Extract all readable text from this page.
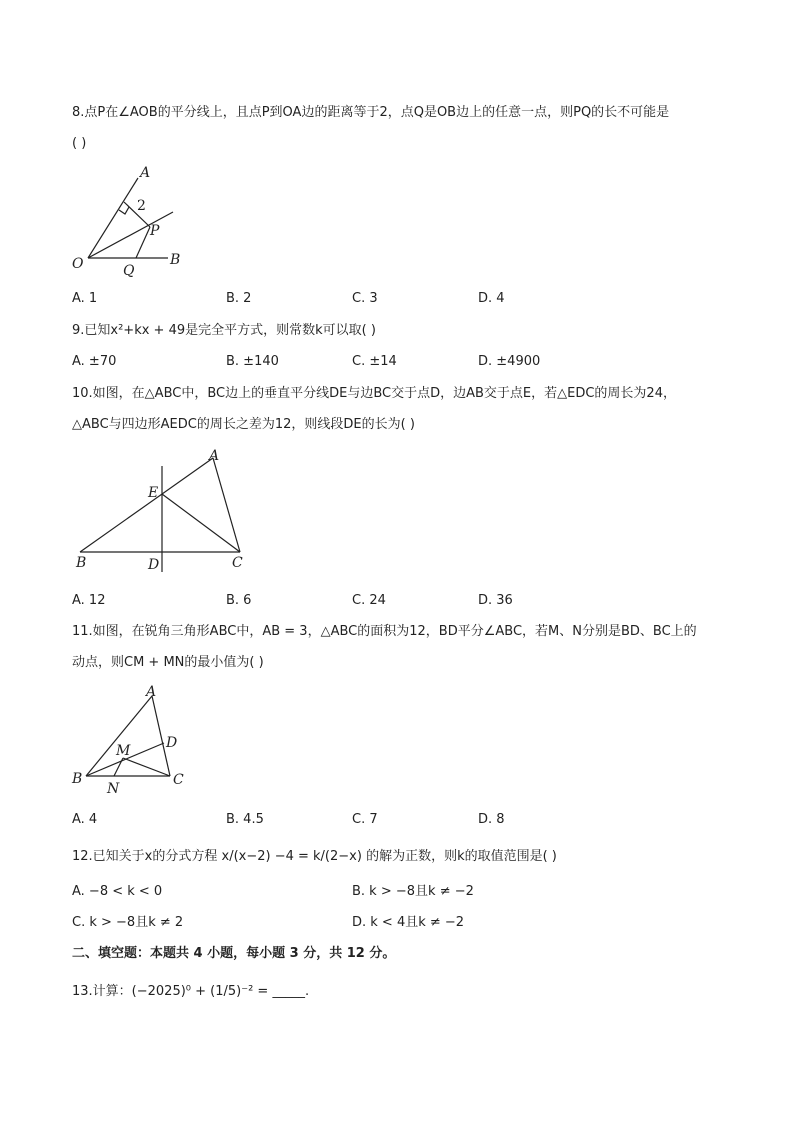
8.点P在∠AOB的平分线上，且点P到OA边的距离等于2，点Q是OB边上的任意一点，则PQ的长不可能是
( )
A
O	B
P
Q
2
A. 1	B. 2	C. 3	D. 4
9.已知x²+kx + 49是完全平方式，则常数k可以取( )
A. ±70	B. ±140	C. ±14	D. ±4900
10.如图，在△ABC中，BC边上的垂直平分线DE与边BC交于点D，边AB交于点E，若△EDC的周长为24，
△ABC与四边形AEDC的周长之差为12，则线段DE的长为( )
A
B	C
D
E
A. 12	B. 6	C. 24	D. 36
11.如图，在锐角三角形ABC中，AB = 3，△ABC的面积为12，BD平分∠ABC，若M、N分别是BD、BC上的
动点，则CM + MN的最小值为( )
A
B	C
D
M
N
A. 4	B. 4.5	C. 7	D. 8
12.已知关于x的分式方程 x/(x−2) −4 = k/(2−x) 的解为正数，则k的取值范围是( )
A. −8 < k < 0	B. k > −8且k ≠ −2
C. k > −8且k ≠ 2	D. k < 4且k ≠ −2
二、填空题：本题共 4 小题，每小题 3 分，共 12 分。
13.计算：(−2025)⁰ + (1/5)⁻² = _____.
